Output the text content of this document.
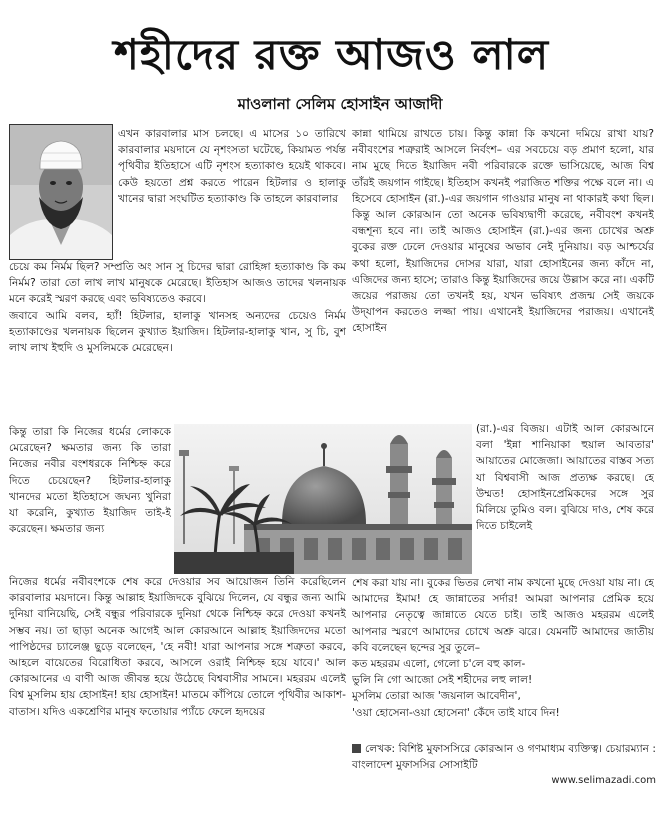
শহীদের রক্ত আজও লাল
মাওলানা সেলিম হোসাইন আজাদী
এখন কারবালার মাস চলছে। এ মাসের ১০ তারিখে কারবালার ময়দানে যে নৃশংসতা ঘটেছে, কিয়ামত পর্যন্ত পৃথিবীর ইতিহাসে এটি নৃশংস হত্যাকাণ্ড হয়েই থাকবে। কেউ হয়তো প্রশ্ন করতে পারেন হিটলার ও হালাকু খানের দ্বারা সংঘটিত হত্যাকাণ্ড কি তাহলে কারবালার

চেয়ে কম নির্মম ছিল? সম্প্রতি অং সান সু চিদের দ্বারা রোহিঙ্গা হত্যাকাণ্ড কি কম নির্মম? তারা তো লাখ লাখ মানুষকে মেরেছে। ইতিহাস আজও তাদের খলনায়ক মনে করেই স্মরণ করছে এবং ভবিষ্যতেও করবে।

জবাবে আমি বলব, হ্যাঁ! হিটলার, হালাকু খানসহ অন্যদের চেয়েও নির্মম হত্যাকাণ্ডের খলনায়ক ছিলেন কুখ্যাত ইয়াজিদ। হিটলার-হালাকু খান, সু চি, বুশ লাখ লাখ ইহুদি ও মুসলিমকে মেরেছেন।

কিন্তু তারা কি নিজের ধর্মের লোককে মেরেছেন? ক্ষমতার জন্য কি তারা নিজের নবীর বংশধরকে নিশ্চিহ্ন করে দিতে চেয়েছেন? হিটলার-হালাকু খানদের মতো ইতিহাসে জঘন্য খুনিরা যা করেনি, কুখ্যাত ইয়াজিদ তাই-ই করেছেন। ক্ষমতার জন্য
নিজের ধর্মের নবীবংশকে শেষ করে দেওয়ার সব আয়োজন তিনি করেছিলেন কারবালার ময়দানে। কিন্তু আল্লাহ ইয়াজিদকে বুঝিয়ে দিলেন, যে বন্ধুর জন্য আমি দুনিয়া বানিয়েছি, সেই বন্ধুর পরিবারকে দুনিয়া থেকে নিশ্চিহ্ন করে দেওয়া কখনই সম্ভব নয়। তা ছাড়া অনেক আগেই আল কোরআনে আল্লাহ ইয়াজিদদের মতো পাপিষ্ঠদের চ্যালেঞ্জ ছুড়ে বলেছেন, 'হে নবী! যারা আপনার সঙ্গে শত্রুতা করবে, আহলে বায়েতের বিরোধিতা করবে, আসলে ওরাই নিশ্চিহ্ন হয়ে যাবে।' আল কোরআনের এ বাণী আজ জীবন্ত হয়ে উঠেছে বিশ্ববাসীর সামনে। মহররম এলেই বিশ্ব মুসলিম হায় হোসাইন! হায় হোসাইন! মাতমে কাঁপিয়ে তোলে পৃথিবীর আকাশ-বাতাস। যদিও একশ্রেণির মানুষ ফতোয়ার প্যাঁচে ফেলে হৃদয়ের
কান্না থামিয়ে রাখতে চায়। কিন্তু কান্না কি কখনো দমিয়ে রাখা যায়? নবীবংশের শত্রুরাই আসলে নির্বংশ– এর সবচেয়ে বড় প্রমাণ হলো, যার নাম মুছে দিতে ইয়াজিদ নবী পরিবারকে রক্তে ভাসিয়েছে, আজ বিশ্ব তাঁরই জয়গান গাইছে। ইতিহাস কখনই পরাজিত শক্তির পক্ষে বলে না। এ হিসেবে হোসাইন (রা.)-এর জয়গান গাওয়ার মানুষ না থাকারই কথা ছিল। কিন্তু আল কোরআন তো অনেক ভবিষ্যদ্বাণী করেছে, নবীবংশ কখনই বন্ধশূন্য হবে না। তাই আজও হোসাইন (রা.)-এর জন্য চোখের অশ্রু বুকের রক্ত ঢেলে দেওয়ার মানুষের অভাব নেই দুনিয়ায়। বড় আশ্চর্যের কথা হলো, ইয়াজিদের দোসর যারা, যারা হোসাইনের জন্য কাঁদে না, এজিদের জন্য হাসে; তারাও কিন্তু ইয়াজিদের জয়ে উল্লাস করে না। একটি জয়ের পরাজয় তো তখনই হয়, যখন ভবিষ্যৎ প্রজন্ম সেই জয়কে উদ্‌যাপন করতেও লজ্জা পায়। এখানেই ইয়াজিদের পরাজয়। এখানেই হোসাইন
(রা.)-এর বিজয়। এটাই আল কোরআনে বলা 'ইন্না শানিয়াকা হুয়াল আবতার' আয়াতের মোজেজা। আয়াতের বাস্তব সত্য যা বিশ্ববাসী আজ প্রত্যক্ষ করছে। হে উম্মত! হোসাইনপ্রেমিকদের সঙ্গে সুর মিলিয়ে তুমিও বল। বুঝিয়ে দাও, শেষ করে দিতে চাইলেই

শেষ করা যায় না। বুকের ভিতর লেখা নাম কখনো মুছে দেওয়া যায় না। হে আমাদের ইমাম! হে জান্নাতের সর্দার! আমরা আপনার প্রেমিক হয়ে আপনার নেতৃত্বে জান্নাতে যেতে চাই। তাই আজও মহররম এলেই আপনার স্মরণে আমাদের চোখে অশ্রু ঝরে। যেমনটি আমাদের জাতীয় কবি বলেছেন ছন্দের সুর তুলে–

কত মহররম এলো, গেলো চ'লে বহু কাল-
ভুলি নি গো আজো সেই শহীদের লহু লাল!
মুসলিম তোরা আজ 'জয়নাল আবেদীন',
'ওয়া হোসেনা-ওয়া হোসেনা' কেঁদে তাই যাবে দিন!
লেখক: বিশিষ্ট মুফাসসিরে কোরআন ও গণমাধ্যম ব্যক্তিত্ব। চেয়ারম্যান : বাংলাদেশ মুফাসসির সোসাইটি
www.selimazadi.com
